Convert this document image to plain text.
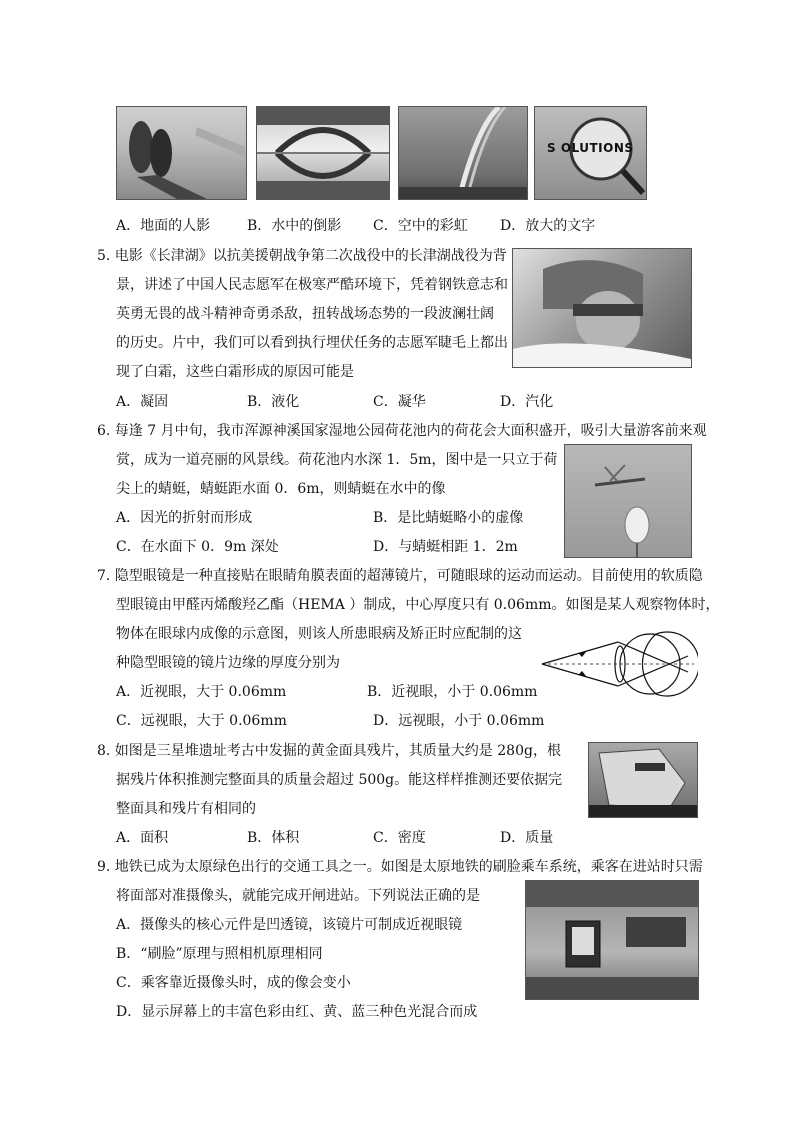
S OLUTIONS
A．地面的人影	B．水中的倒影 C．空中的彩虹 D．放大的文字
5. 电影《长津湖》以抗美援朝战争第二次战役中的长津湖战役为背
景，讲述了中国人民志愿军在极寒严酷环境下，凭着钢铁意志和
英勇无畏的战斗精神奇勇杀敌，扭转战场态势的一段波澜壮阔
的历史。片中，我们可以看到执行埋伏任务的志愿军睫毛上都出
现了白霜，这些白霜形成的原因可能是
A．凝固	B．液化	C．凝华	D．汽化
6. 每逢 7 月中旬，我市浑源神溪国家湿地公园荷花池内的荷花会大面积盛开，吸引大量游客前来观
赏，成为一道亮丽的风景线。荷花池内水深 1．5m，图中是一只立于荷
尖上的蜻蜓，蜻蜓距水面 0．6m，则蜻蜓在水中的像
A．因光的折射而形成	B．是比蜻蜓略小的虚像
C．在水面下 0．9m 深处	D．与蜻蜓相距 1．2m
7. 隐型眼镜是一种直接贴在眼睛角膜表面的超薄镜片，可随眼球的运动而运动。目前使用的软质隐
型眼镜由甲醛丙烯酸羟乙酯（HEMA ）制成，中心厚度只有 0.06mm。如图是某人观察物体时，
物体在眼球内成像的示意图，则该人所患眼病及矫正时应配制的这
种隐型眼镜的镜片边缘的厚度分别为
A．近视眼，大于 0.06mm	B．近视眼，小于 0.06mm
C．远视眼，大于 0.06mm	D．远视眼，小于 0.06mm
8. 如图是三星堆遗址考古中发掘的黄金面具残片，其质量大约是 280g，根
据残片体积推测完整面具的质量会超过 500g。能这样样推测还要依据完
整面具和残片有相同的
A．面积	B．体积	C．密度	D．质量
9. 地铁已成为太原绿色出行的交通工具之一。如图是太原地铁的刷脸乘车系统，乘客在进站时只需
将面部对准摄像头，就能完成开闸进站。下列说法正确的是
A．摄像头的核心元件是凹透镜，该镜片可制成近视眼镜
B．“刷脸”原理与照相机原理相同
C．乘客靠近摄像头时，成的像会变小
D．显示屏幕上的丰富色彩由红、黄、蓝三种色光混合而成
